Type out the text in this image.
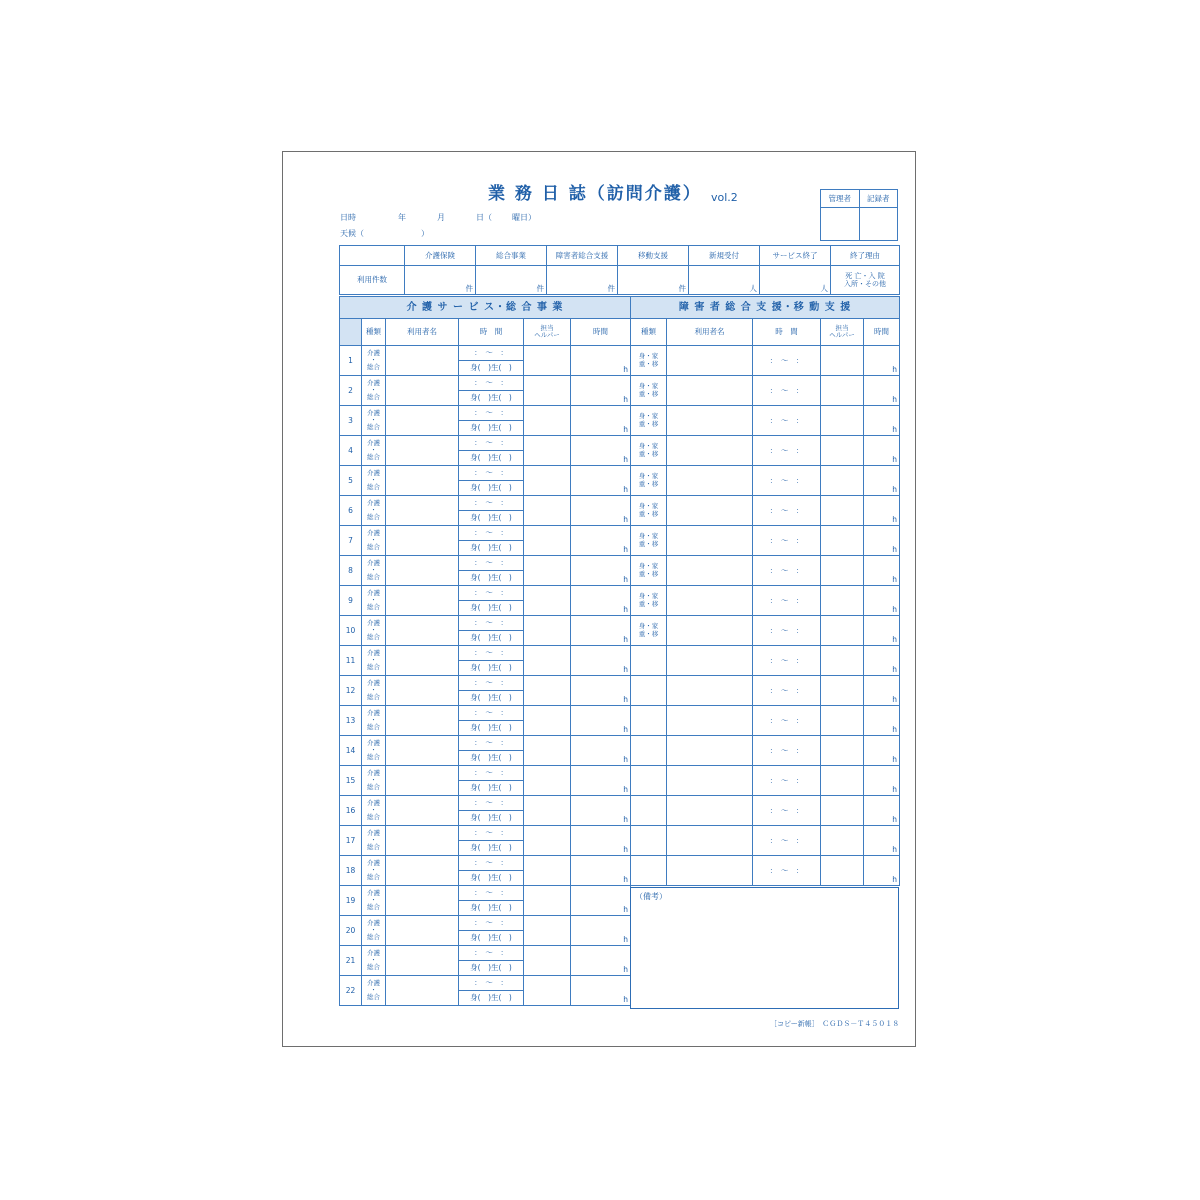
業 務 日 誌（訪問介護） vol.2	管理者	記録者

日時	年	月	日（	曜日）
天候（	）
	介護保険	総合事業	障害者総合支援	移動支援	新規受付	サービス終了	終了理由
利用件数	件	件	件	件	人	人	死 亡・入 院
入所・その他
介 護 サ ー ビ ス・総 合 事 業					
	種類	利用者名	時　間	担当
ヘルパー	時間
1	介護
・
総合		：　～　：		h
			身(　)生(　)		
2	介護
・
総合		：　～　：		h
			身(　)生(　)		
3	介護
・
総合		：　～　：		h
			身(　)生(　)		
4	介護
・
総合		：　～　：		h
			身(　)生(　)		
5	介護
・
総合		：　～　：		h
			身(　)生(　)		
6	介護
・
総合		：　～　：		h
			身(　)生(　)		
7	介護
・
総合		：　～　：		h
			身(　)生(　)		
8	介護
・
総合		：　～　：		h
			身(　)生(　)		
9	介護
・
総合		：　～　：		h
			身(　)生(　)		
10	介護
・
総合		：　～　：		h
			身(　)生(　)		
11	介護
・
総合		：　～　：		h
			身(　)生(　)		
12	介護
・
総合		：　～　：		h
			身(　)生(　)		
13	介護
・
総合		：　～　：		h
			身(　)生(　)		
14	介護
・
総合		：　～　：		h
			身(　)生(　)		
15	介護
・
総合		：　～　：		h
			身(　)生(　)		
16	介護
・
総合		：　～　：		h
			身(　)生(　)		
17	介護
・
総合		：　～　：		h
			身(　)生(　)		
18	介護
・
総合		：　～　：		h
			身(　)生(　)		
19	介護
・
総合		：　～　：		h
			身(　)生(　)		
20	介護
・
総合		：　～　：		h
			身(　)生(　)		
21	介護
・
総合		：　～　：		h
			身(　)生(　)		
22	介護
・
総合		：　～　：		h
			身(　)生(　)		
障 害 者 総 合 支 援・移 動 支 援				
種類	利用者名	時　間	担当
ヘルパー	時間

身・家
重・移		：　～　：		h

身・家
重・移		：　～　：		h

身・家
重・移		：　～　：		h

身・家
重・移		：　～　：		h

身・家
重・移		：　～　：		h

身・家
重・移		：　～　：		h

身・家
重・移		：　～　：		h

身・家
重・移		：　～　：		h

身・家
重・移		：　～　：		h

身・家
重・移		：　～　：		h
		：　～　：		h
		：　～　：		h
		：　～　：		h
		：　～　：		h
		：　～　：		h
		：　～　：		h
		：　～　：		h
		：　～　：		h
（備考）
［コピー新帳］　ＣＧＤＳ－Ｔ４５０１８
